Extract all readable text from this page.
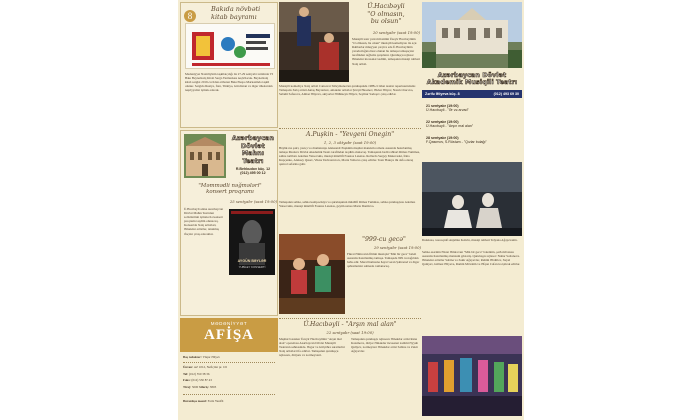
8
Bakıda növbəti
kitab bayramı
Mədəniyyət Nazirliyinin təşkilatçılığı ilə 27-29 sentyabr tarixində VI Bakı Beynəlxalq Kitab Sərgi-Yarmarkası keçiriləcək. Beynəlxalq kitab sərgisi 2019-cu ildən etibarən Bakı Ekspo Mərkəzində təşkil olunur. Sərgidə Rusiya, İran, Türkiyə, Gürcüstan və digər ölkələrdən nəşriyyatlar iştirak edəcək.
Azərbaycan
Dövlət
Mahnı
Teatrı
R.Behbudov küç. 12
(012) 495 00 12
"Məmmədli nəğmələri"
konsert proqramı
25 sentyabr (saat 19:00)
Ü.Hacıbəyli adına Azərbaycan Dövlət Mahnı Teatrının solistlərinin iştirakı ilə konsert proqramı təqdim olunacaq. Konsertdə Xalq artistləri, Əməkdar artistlər, tanınmış ifaçılar çıxış edəcəklər.
AYGÜN BƏYLƏR
YUBİLEY KONSERTİ
MƏDƏNİYYƏT
AFİŞA
Baş redaktor: Vüqar Əliyev
Ünvan: AZ 1012, Neftçilər pr. 1D
Tel: (012) 550 38 36
Faks: (012) 530 87 43
Tiraj: 5000 Sifariş: 3803
Buraxılışa məsul: Fariz Yusifli
Ü.Hacıbəyli
"O olmasın,
bu olsun"
20 sentyabr (saat 19:00)
Musiqili teatr yeni mövsümü Üzeyir Hacıbəylinin "O olmasın, bu olsun" musiqili komediyası ilə açır. Rəhbərlər müəyyən çərçivə edə Ü.Hacıbəylinin yaradıcılığına həsr olunan bu tamaşa tamaşaçılar tərəfindən rəğbətlə qarşılanır. Quruluşçu rejissor Əməkdar incəsənət xadimi, tamaşanın musiqi rəhbəri Xalq artisti.
Musiqili komediya Xalq artisti Cansəvər Süleymanovun quruluşunda 1988-ci ildən teatrın repertuarındadır. Tamaşada Xalq artisti Aktaş Bayramov, əməkdar artistlər Şövqü Həsənov, Əkbər Əliyev, Natalı Orucova, Səbuhi Səfərova, Almaz Əliyeva, aktyorlar Əlihüseyn Əliyev, Seymur Sadıqov çıxış edirlər.
A.Puşkin - "Yevgeni Onegin"
1, 2, 3 oktyabr (saat 19:00)
Böyük rus şairi, yazıçı və dramaturqu Aleksandr Puşkinin məşhur mənzum romanı əsasında hazırlanmış tamaşa Moskva Dövlət Akademik Teatrı tərəfindən təqdim olunacaq. Tamaşanın bədii rəhbəri Rimas Tuminas, səhnə tərtibatı Adomas Yatsovskis, musiqi müəllifi Faustas Latenas. Rollarda Sergey Makoveski, İrina Kupçenko, Aleksey Qusev, Viktor Dobronravov, Maria Volkova çıxış edirlər. Teatr Bakıya ilk dəfə olaraq qastrol səfərinə gəlir.
Tamaşanın səhnə, səhnə kompozisiya və quruluşunun müəllifi Rimas Tuminas, səhnə quruluşçusu Adomas Yatsovskis, musiqi müəllifi Faustas Latenas, geyim ustası Maria Danilova.
"999-cu gecə"
29 sentyabr (saat 19:00)
Fikrət Əmirovun filmin musiqisi "Min bir gecə" baleti əsasında hazırlanmış tamaşa. Tamaşada 999 cu nağıldan bəhs edir. Məral hamısına həyat verən Şəhrazad və digər qəhrəmanlar səhnədə canlanacaq.
Ü.Hacıbəyli - "Arşın mal alan"
22 sentyabr (saat 19:00)
Məşhur bəstəkar Üzeyir Hacıbəylinin "Arşın mal alan" operettası Azərbaycan Dövlət Musiqili Teatrının səhnəsində. Əsgər və Gülçöhrə surətlərini Xalq artistləri ifa edirlər. Tamaşanın quruluşçu rejissoru, dirijoru və xormeysteri.
Tamaşanın quruluşçu rejissoru Əməkdar artist Rəna Kazımova, dirijor Əməkdar incəsənət xadimi Əyyub Quliyev, xormeyster Əməkdar artist Səbinə və Zakir Ağayevlər.
Azərbaycan Dövlət
Akademik Musiqili Teatrı
Zərifə Əliyeva küç. 8	(012) 493 69 30
21 sentyabr (19:00)
Ü.Hacıbəyli - "Ər və arvad"
22 sentyabr (19:00)
Ü.Hacıbəyli - "Arşın mal alan"
28 sentyabr (19:00)
F.Qasımov, S.Rüstəm - "Qızlar bulağı"
Dansləsə, xoreoqrafi Anjelika Kobrin, musiqi rəhbəri Telyana Ağayevanin.
Səhnə əsərinin Fikrət Əmirovun "Min bir gecə" baletinin, şərh mövzusu əsasında hazırlanmış mənzum göstəriş. Quruluşçu rejissor: Nahar Soltanova. Əməkdar artistlər Səbinə və Zakir Ağayevlər, Rəhim Əbdülov, Xəyal Qəniyev, Gülnaz Əliyeva, Ramin Mövsüm və Əfqan Cəfərova iştirak edirlər.
